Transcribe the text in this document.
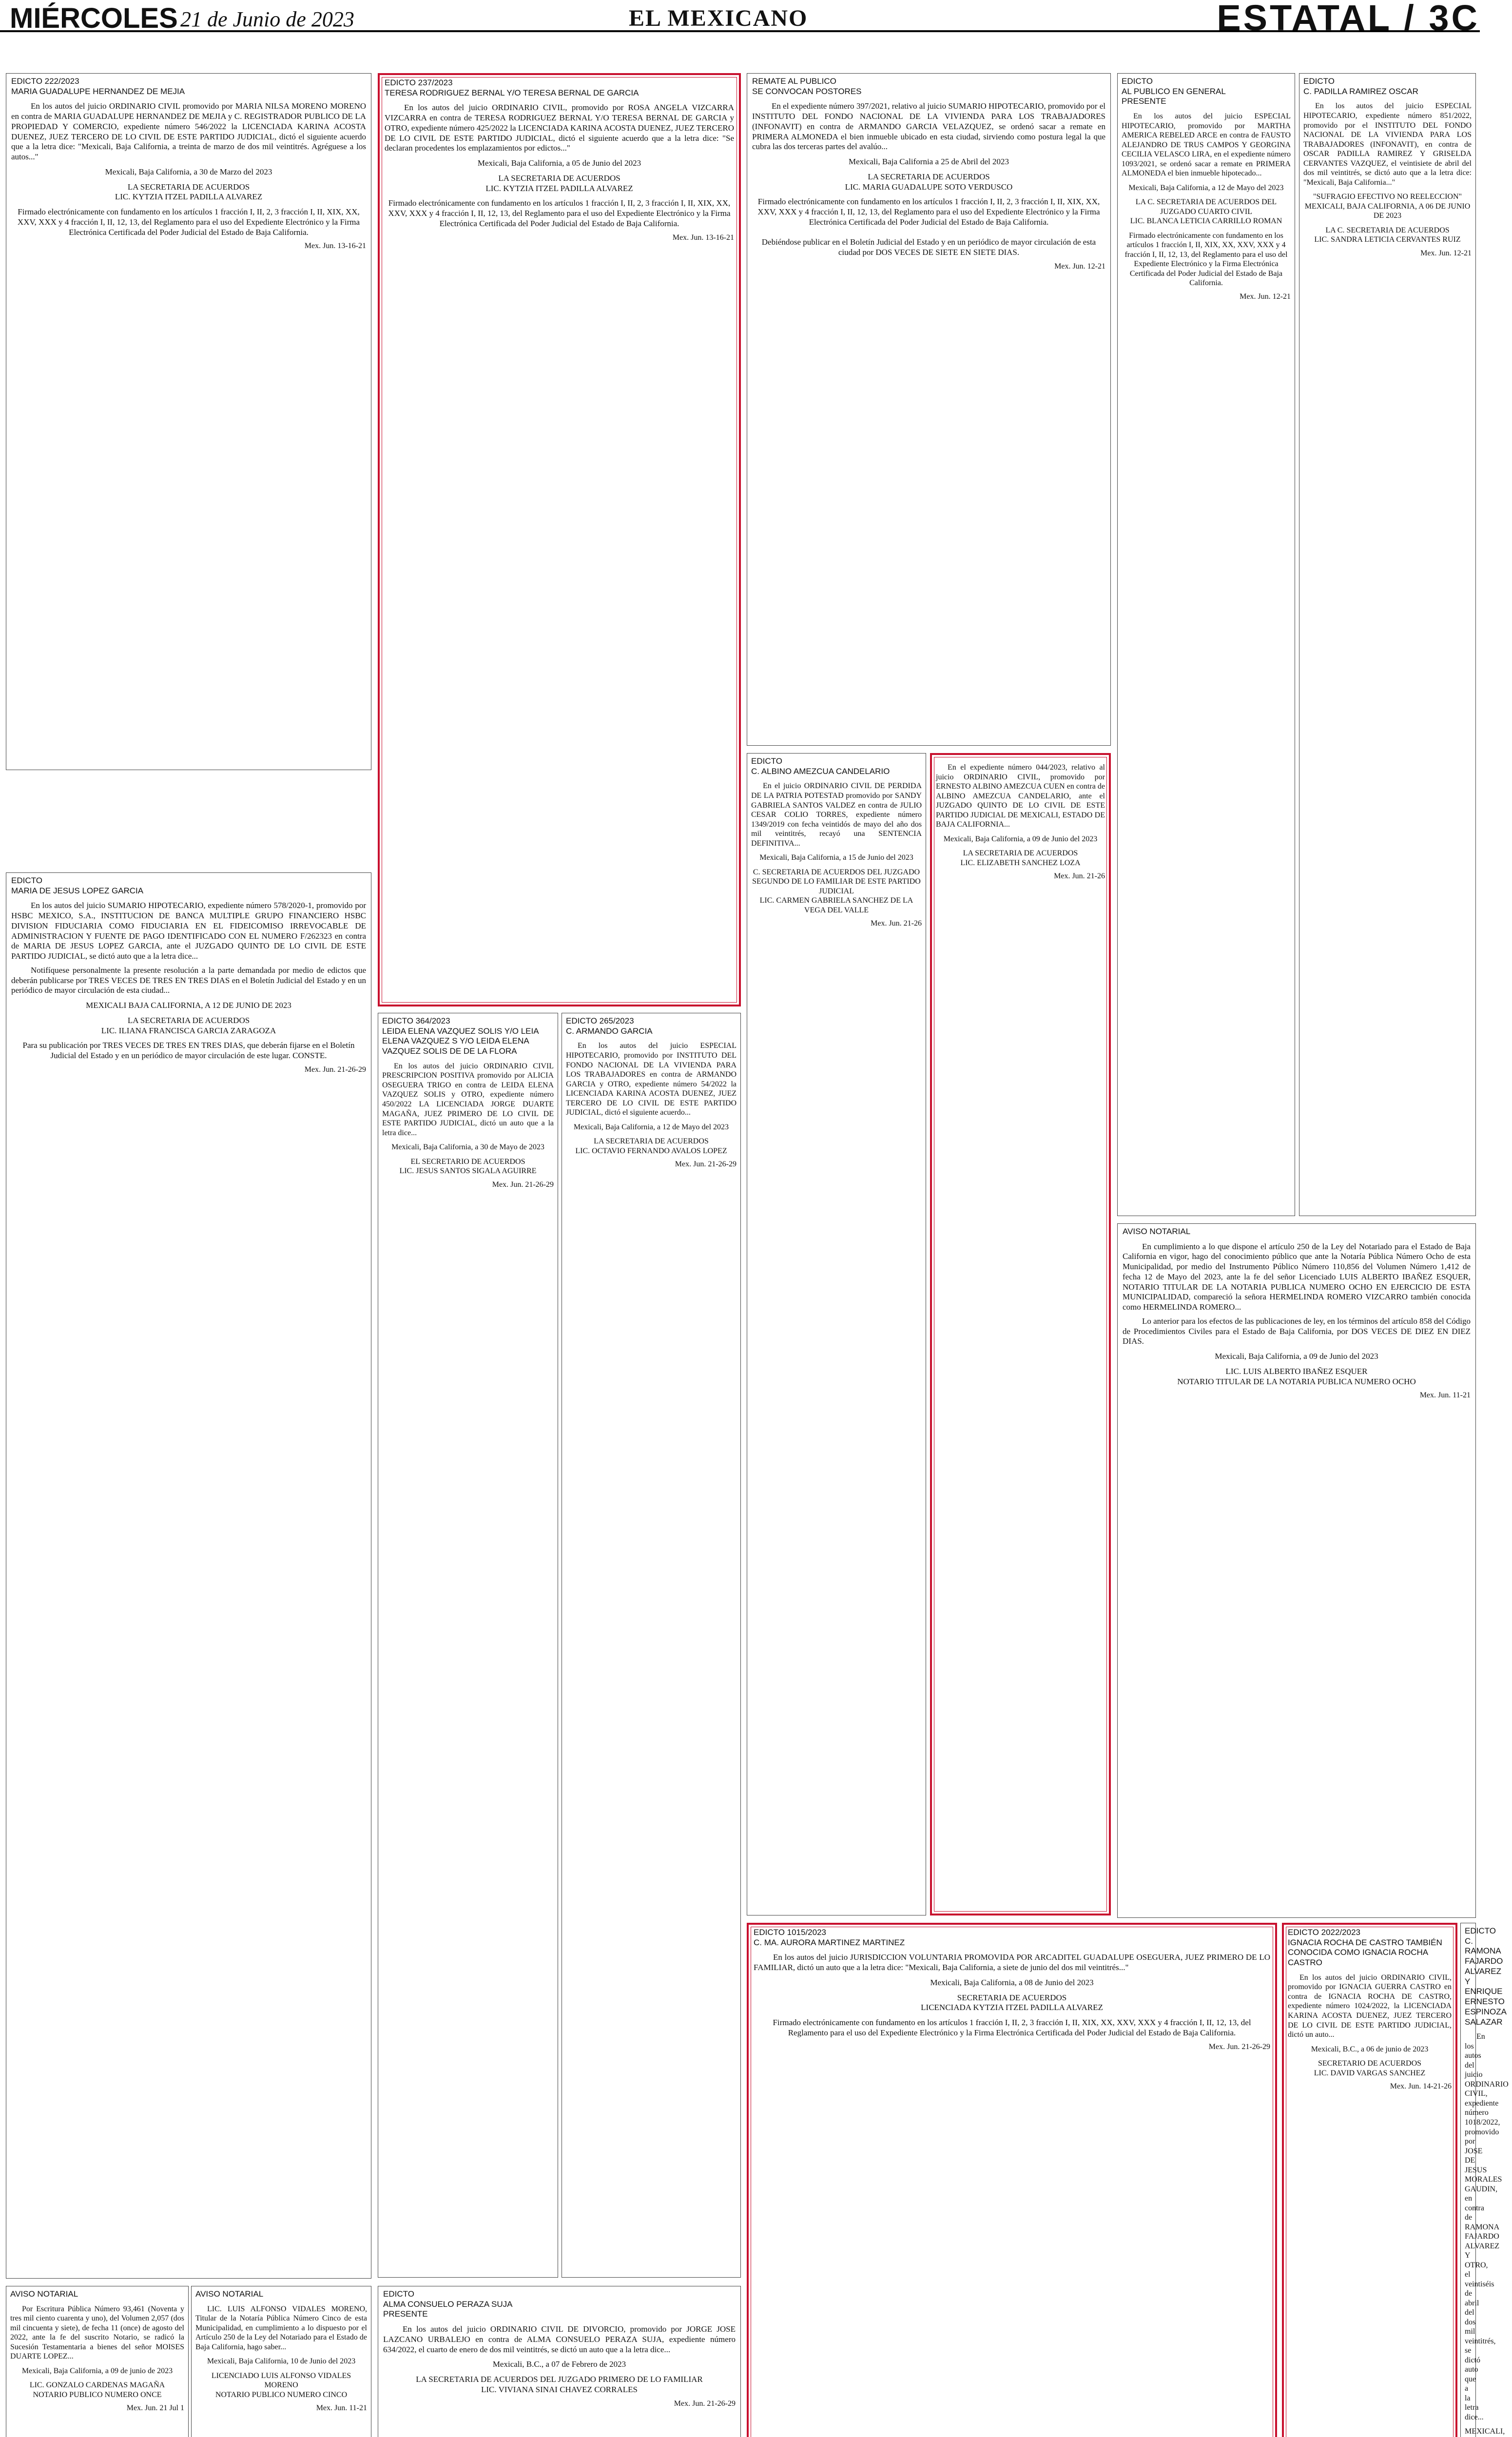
MIÉRCOLES 21 de Junio de 2023	EL MEXICANO	ESTATAL / 3C
EDICTO 222/2023
MARIA GUADALUPE HERNANDEZ DE MEJIA

En los autos del juicio ORDINARIO CIVIL promovido por MARIA NILSA MORENO MORENO en contra de MARIA GUADALUPE HERNANDEZ DE MEJIA y C. REGISTRADOR PUBLICO DE LA PROPIEDAD Y COMERCIO, expediente número 546/2022 la LICENCIADA KARINA ACOSTA DUENEZ, JUEZ TERCERO DE LO CIVIL DE ESTE PARTIDO JUDICIAL, dictó el siguiente acuerdo que a la letra dice: "Mexicali, Baja California, a treinta de marzo de dos mil veintitrés. Agréguese a los autos..."

Mexicali, Baja California, a 30 de Marzo del 2023
LA SECRETARIA DE ACUERDOS
LIC. KYTZIA ITZEL PADILLA ALVAREZ
Firmado electrónicamente con fundamento en los artículos 1 fracción I, II, 2, 3 fracción I, II, XIX, XX, XXV, XXX y 4 fracción I, II, 12, 13, del Reglamento para el uso del Expediente Electrónico y la Firma Electrónica Certificada del Poder Judicial del Estado de Baja California.
Mex. Jun. 13-16-21
EDICTO
MARIA DE JESUS LOPEZ GARCIA

En los autos del juicio SUMARIO HIPOTECARIO, expediente número 578/2020-1, promovido por HSBC MEXICO, S.A., INSTITUCION DE BANCA MULTIPLE GRUPO FINANCIERO HSBC DIVISION FIDUCIARIA COMO FIDUCIARIA EN EL FIDEICOMISO IRREVOCABLE DE ADMINISTRACION Y FUENTE DE PAGO IDENTIFICADO CON EL NUMERO F/262323 en contra de MARIA DE JESUS LOPEZ GARCIA, ante el JUZGADO QUINTO DE LO CIVIL DE ESTE PARTIDO JUDICIAL, se dictó auto que a la letra dice...

Notifíquese personalmente la presente resolución a la parte demandada por medio de edictos que deberán publicarse por TRES VECES DE TRES EN TRES DIAS en el Boletín Judicial del Estado y en un periódico de mayor circulación de esta ciudad...

MEXICALI BAJA CALIFORNIA, A 12 DE JUNIO DE 2023
LA SECRETARIA DE ACUERDOS
LIC. ILIANA FRANCISCA GARCIA ZARAGOZA
Para su publicación por TRES VECES DE TRES EN TRES DIAS, que deberán fijarse en el Boletín Judicial del Estado y en un periódico de mayor circulación de este lugar. CONSTE.
Mex. Jun. 21-26-29
AVISO NOTARIAL

Por Escritura Pública Número 93,461 (Noventa y tres mil ciento cuarenta y uno), del Volumen 2,057 (dos mil cincuenta y siete), de fecha 11 (once) de agosto del 2022, ante la fe del suscrito Notario, se radicó la Sucesión Testamentaria a bienes del señor MOISES DUARTE LOPEZ...

Mexicali, Baja California, a 09 de junio de 2023
LIC. GONZALO CARDENAS MAGAÑA
NOTARIO PUBLICO NUMERO ONCE
Mex. Jun. 21 Jul 1
AVISO NOTARIAL

LIC. LUIS ALFONSO VIDALES MORENO, Titular de la Notaría Pública Número Cinco de esta Municipalidad, en cumplimiento a lo dispuesto por el Artículo 250 de la Ley del Notariado para el Estado de Baja California, hago saber...

Mexicali, Baja California, 10 de Junio del 2023
LICENCIADO LUIS ALFONSO VIDALES MORENO
NOTARIO PUBLICO NUMERO CINCO
Mex. Jun. 11-21
EDICTO 237/2023
TERESA RODRIGUEZ BERNAL Y/O TERESA BERNAL DE GARCIA

En los autos del juicio ORDINARIO CIVIL, promovido por ROSA ANGELA VIZCARRA VIZCARRA en contra de TERESA RODRIGUEZ BERNAL Y/O TERESA BERNAL DE GARCIA y OTRO, expediente número 425/2022 la LICENCIADA KARINA ACOSTA DUENEZ, JUEZ TERCERO DE LO CIVIL DE ESTE PARTIDO JUDICIAL, dictó el siguiente acuerdo que a la letra dice: "Se declaran procedentes los emplazamientos por edictos..."

Mexicali, Baja California, a 05 de Junio del 2023
LA SECRETARIA DE ACUERDOS
LIC. KYTZIA ITZEL PADILLA ALVAREZ
Firmado electrónicamente con fundamento en los artículos 1 fracción I, II, 2, 3 fracción I, II, XIX, XX, XXV, XXX y 4 fracción I, II, 12, 13, del Reglamento para el uso del Expediente Electrónico y la Firma Electrónica Certificada del Poder Judicial del Estado de Baja California.
Mex. Jun. 13-16-21
EDICTO 364/2023
LEIDA ELENA VAZQUEZ SOLIS Y/O LEIA ELENA VAZQUEZ S Y/O LEIDA ELENA VAZQUEZ SOLIS DE DE LA FLORA

En los autos del juicio ORDINARIO CIVIL PRESCRIPCION POSITIVA promovido por ALICIA OSEGUERA TRIGO en contra de LEIDA ELENA VAZQUEZ SOLIS y OTRO, expediente número 450/2022 LA LICENCIADA JORGE DUARTE MAGAÑA, JUEZ PRIMERO DE LO CIVIL DE ESTE PARTIDO JUDICIAL, dictó un auto que a la letra dice...

Mexicali, Baja California, a 30 de Mayo de 2023
EL SECRETARIO DE ACUERDOS
LIC. JESUS SANTOS SIGALA AGUIRRE
Mex. Jun. 21-26-29
EDICTO 265/2023
C. ARMANDO GARCIA

En los autos del juicio ESPECIAL HIPOTECARIO, promovido por INSTITUTO DEL FONDO NACIONAL DE LA VIVIENDA PARA LOS TRABAJADORES en contra de ARMANDO GARCIA y OTRO, expediente número 54/2022 la LICENCIADA KARINA ACOSTA DUENEZ, JUEZ TERCERO DE LO CIVIL DE ESTE PARTIDO JUDICIAL, dictó el siguiente acuerdo...

Mexicali, Baja California, a 12 de Mayo del 2023
LA SECRETARIA DE ACUERDOS
LIC. OCTAVIO FERNANDO AVALOS LOPEZ
Mex. Jun. 21-26-29
EDICTO
ALMA CONSUELO PERAZA SUJA
PRESENTE

En los autos del juicio ORDINARIO CIVIL DE DIVORCIO, promovido por JORGE JOSE LAZCANO URBALEJO en contra de ALMA CONSUELO PERAZA SUJA, expediente número 634/2022, el cuarto de enero de dos mil veintitrés, se dictó un auto que a la letra dice...

Mexicali, B.C., a 07 de Febrero de 2023
LA SECRETARIA DE ACUERDOS DEL JUZGADO PRIMERO DE LO FAMILIAR
LIC. VIVIANA SINAI CHAVEZ CORRALES
Mex. Jun. 21-26-29
REMATE AL PUBLICO
SE CONVOCAN POSTORES

En el expediente número 397/2021, relativo al juicio SUMARIO HIPOTECARIO, promovido por el INSTITUTO DEL FONDO NACIONAL DE LA VIVIENDA PARA LOS TRABAJADORES (INFONAVIT) en contra de ARMANDO GARCIA VELAZQUEZ, se ordenó sacar a remate en PRIMERA ALMONEDA el bien inmueble ubicado en esta ciudad, sirviendo como postura legal la que cubra las dos terceras partes del avalúo...

Mexicali, Baja California a 25 de Abril del 2023
LA SECRETARIA DE ACUERDOS
LIC. MARIA GUADALUPE SOTO VERDUSCO
Firmado electrónicamente con fundamento en los artículos 1 fracción I, II, 2, 3 fracción I, II, XIX, XX, XXV, XXX y 4 fracción I, II, 12, 13, del Reglamento para el uso del Expediente Electrónico y la Firma Electrónica Certificada del Poder Judicial del Estado de Baja California.

Debiéndose publicar en el Boletín Judicial del Estado y en un periódico de mayor circulación de esta ciudad por DOS VECES DE SIETE EN SIETE DIAS.
Mex. Jun. 12-21
EDICTO
C. ALBINO AMEZCUA CANDELARIO

En el juicio ORDINARIO CIVIL DE PERDIDA DE LA PATRIA POTESTAD promovido por SANDY GABRIELA SANTOS VALDEZ en contra de JULIO CESAR COLIO TORRES, expediente número 1349/2019 con fecha veintidós de mayo del año dos mil veintitrés, recayó una SENTENCIA DEFINITIVA...

Mexicali, Baja California, a 15 de Junio del 2023
C. SECRETARIA DE ACUERDOS DEL JUZGADO SEGUNDO DE LO FAMILIAR DE ESTE PARTIDO JUDICIAL
LIC. CARMEN GABRIELA SANCHEZ DE LA VEGA DEL VALLE
Mex. Jun. 21-26

En el expediente número 044/2023, relativo al juicio ORDINARIO CIVIL, promovido por ERNESTO ALBINO AMEZCUA CUEN en contra de ALBINO AMEZCUA CANDELARIO, ante el JUZGADO QUINTO DE LO CIVIL DE ESTE PARTIDO JUDICIAL DE MEXICALI, ESTADO DE BAJA CALIFORNIA...

Mexicali, Baja California, a 09 de Junio del 2023
LA SECRETARIA DE ACUERDOS
LIC. ELIZABETH SANCHEZ LOZA
Mex. Jun. 21-26
EDICTO 1015/2023
C. MA. AURORA MARTINEZ MARTINEZ

En los autos del juicio JURISDICCION VOLUNTARIA PROMOVIDA POR ARCADITEL GUADALUPE OSEGUERA, JUEZ PRIMERO DE LO FAMILIAR, dictó un auto que a la letra dice: "Mexicali, Baja California, a siete de junio del dos mil veintitrés..."

Mexicali, Baja California, a 08 de Junio del 2023
SECRETARIA DE ACUERDOS
LICENCIADA KYTZIA ITZEL PADILLA ALVAREZ
Firmado electrónicamente con fundamento en los artículos 1 fracción I, II, 2, 3 fracción I, II, XIX, XX, XXV, XXX y 4 fracción I, II, 12, 13, del Reglamento para el uso del Expediente Electrónico y la Firma Electrónica Certificada del Poder Judicial del Estado de Baja California.
Mex. Jun. 21-26-29
EDICTO
AL PUBLICO EN GENERAL
PRESENTE

En los autos del juicio ESPECIAL HIPOTECARIO, promovido por MARTHA AMERICA REBELED ARCE en contra de FAUSTO ALEJANDRO DE TRUS CAMPOS Y GEORGINA CECILIA VELASCO LIRA, en el expediente número 1093/2021, se ordenó sacar a remate en PRIMERA ALMONEDA el bien inmueble hipotecado...

Mexicali, Baja California, a 12 de Mayo del 2023
LA C. SECRETARIA DE ACUERDOS DEL JUZGADO CUARTO CIVIL
LIC. BLANCA LETICIA CARRILLO ROMAN
Firmado electrónicamente con fundamento en los artículos 1 fracción I, II, XIX, XX, XXV, XXX y 4 fracción I, II, 12, 13, del Reglamento para el uso del Expediente Electrónico y la Firma Electrónica Certificada del Poder Judicial del Estado de Baja California.
Mex. Jun. 12-21
EDICTO
C. PADILLA RAMIREZ OSCAR

En los autos del juicio ESPECIAL HIPOTECARIO, expediente número 851/2022, promovido por el INSTITUTO DEL FONDO NACIONAL DE LA VIVIENDA PARA LOS TRABAJADORES (INFONAVIT), en contra de OSCAR PADILLA RAMIREZ Y GRISELDA CERVANTES VAZQUEZ, el veintisiete de abril del dos mil veintitrés, se dictó auto que a la letra dice: "Mexicali, Baja California..."

"SUFRAGIO EFECTIVO NO REELECCION"
MEXICALI, BAJA CALIFORNIA, A 06 DE JUNIO DE 2023
LA C. SECRETARIA DE ACUERDOS
LIC. SANDRA LETICIA CERVANTES RUIZ
Mex. Jun. 12-21
AVISO NOTARIAL

En cumplimiento a lo que dispone el artículo 250 de la Ley del Notariado para el Estado de Baja California en vigor, hago del conocimiento público que ante la Notaría Pública Número Ocho de esta Municipalidad, por medio del Instrumento Público Número 110,856 del Volumen Número 1,412 de fecha 12 de Mayo del 2023, ante la fe del señor Licenciado LUIS ALBERTO IBAÑEZ ESQUER, NOTARIO TITULAR DE LA NOTARIA PUBLICA NUMERO OCHO EN EJERCICIO DE ESTA MUNICIPALIDAD, compareció la señora HERMELINDA ROMERO VIZCARRO también conocida como HERMELINDA ROMERO...

Lo anterior para los efectos de las publicaciones de ley, en los términos del artículo 858 del Código de Procedimientos Civiles para el Estado de Baja California, por DOS VECES DE DIEZ EN DIEZ DIAS.

Mexicali, Baja California, a 09 de Junio del 2023
LIC. LUIS ALBERTO IBAÑEZ ESQUER
NOTARIO TITULAR DE LA NOTARIA PUBLICA NUMERO OCHO
Mex. Jun. 11-21
EDICTO 2022/2023
IGNACIA ROCHA DE CASTRO TAMBIÉN CONOCIDA COMO IGNACIA ROCHA CASTRO

En los autos del juicio ORDINARIO CIVIL, promovido por IGNACIA GUERRA CASTRO en contra de IGNACIA ROCHA DE CASTRO, expediente número 1024/2022, la LICENCIADA KARINA ACOSTA DUENEZ, JUEZ TERCERO DE LO CIVIL DE ESTE PARTIDO JUDICIAL, dictó un auto...

Mexicali, B.C., a 06 de junio de 2023
SECRETARIO DE ACUERDOS
LIC. DAVID VARGAS SANCHEZ
Mex. Jun. 14-21-26
EDICTO
C. RAMONA FAJARDO ALVAREZ Y ENRIQUE ERNESTO ESPINOZA SALAZAR

En los autos del juicio ORDINARIO CIVIL, expediente número 1018/2022, promovido por JOSE DE JESUS MORALES GAUDIN, en contra de RAMONA FAJARDO ALVAREZ Y OTRO, el veintiséis de abril del dos mil veintitrés, se dictó auto que a la letra dice...

MEXICALI,
